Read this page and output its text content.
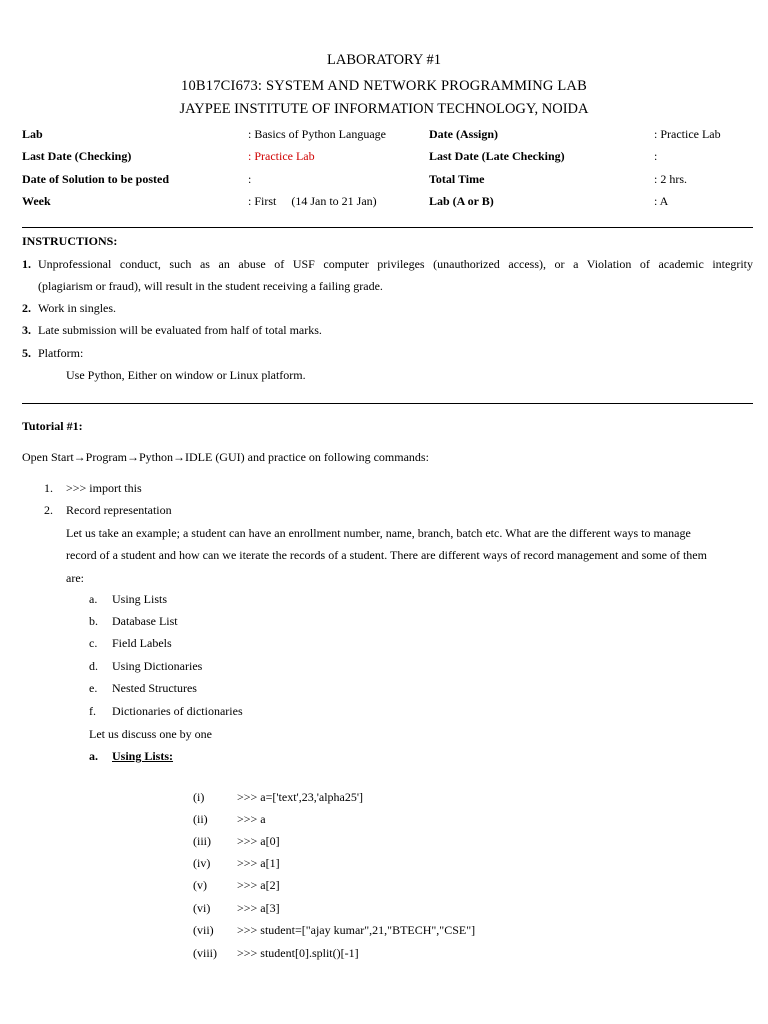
LABORATORY #1
10B17CI673: SYSTEM AND NETWORK PROGRAMMING LAB
JAYPEE INSTITUTE OF INFORMATION TECHNOLOGY, NOIDA
Lab	: Basics of Python Language	Date (Assign)	: Practice Lab
Last Date (Checking)	: Practice Lab	Last Date (Late Checking)	:
Date of Solution to be posted	:	Total Time	: 2 hrs.
Week	: First     (14 Jan to 21 Jan)	Lab (A or B)	: A
INSTRUCTIONS:
1. Unprofessional conduct, such as an abuse of USF computer privileges (unauthorized access), or a Violation of academic integrity
(plagiarism or fraud), will result in the student receiving a failing grade.
2. Work in singles.
3. Late submission will be evaluated from half of total marks.
5. Platform:
Use Python, Either on window or Linux platform.
Tutorial #1:
Open Start→Program→Python→IDLE (GUI) and practice on following commands:
1. >>> import this
2. Record representation
Let us take an example; a student can have an enrollment number, name, branch, batch etc. What are the different ways to manage
record of a student and how can we iterate the records of a student. There are different ways of record management and some of them
are:
a. Using Lists
b. Database List
c. Field Labels
d. Using Dictionaries
e. Nested Structures
f. Dictionaries of dictionaries
Let us discuss one by one
a. Using Lists:
(i)	>>> a=['text',23,'alpha25']
(ii) >>> a
(iii) >>> a[0]
(iv) >>> a[1]
(v)	>>> a[2]
(vi) >>> a[3]
(vii) >>> student=["ajay kumar",21,"BTECH","CSE"]
(viii) >>> student[0].split()[-1]
